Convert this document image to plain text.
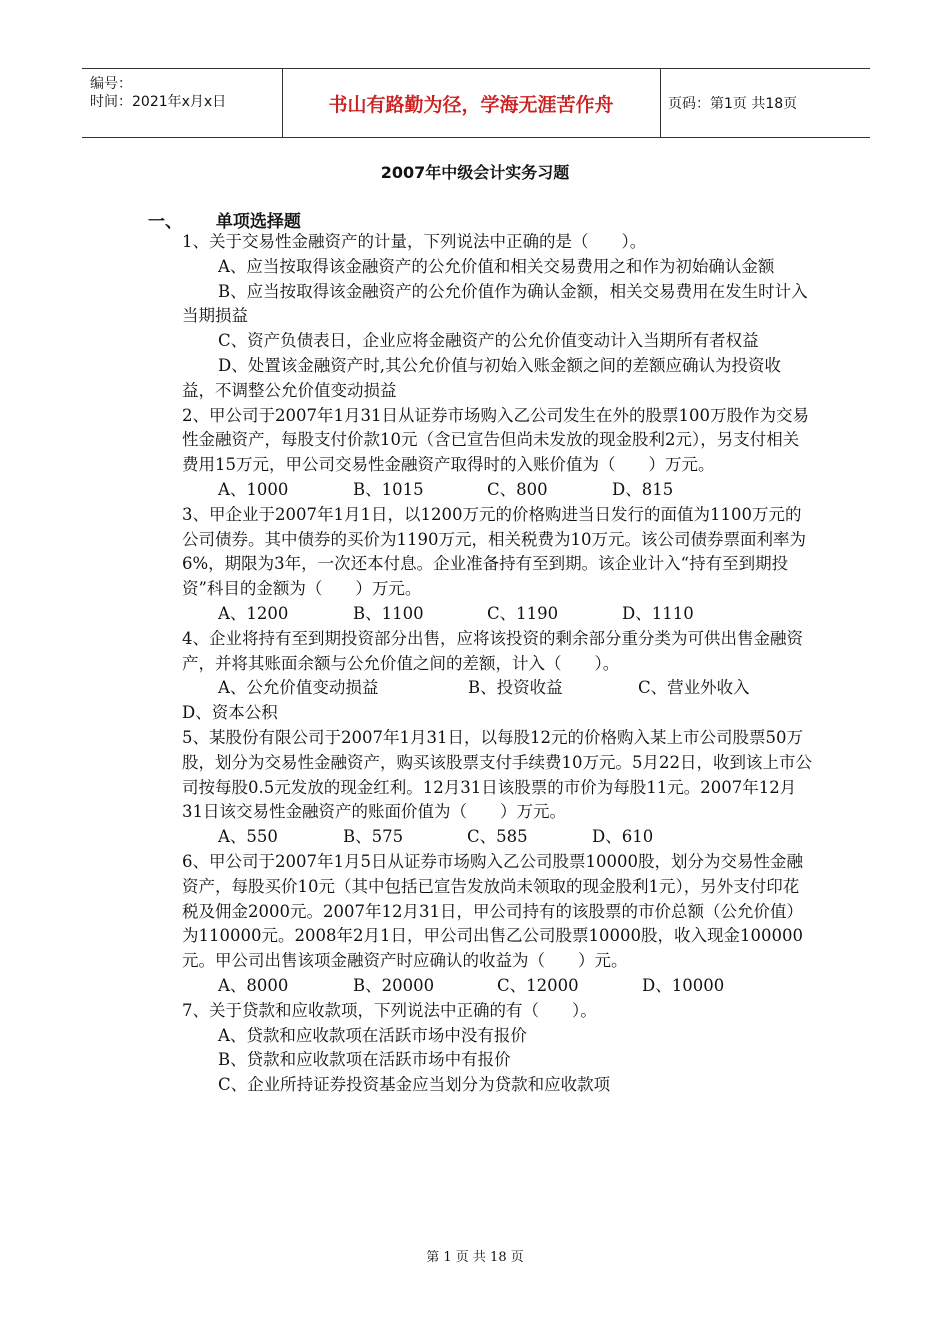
编号：
时间：2021年x月x日	书山有路勤为径，学海无涯苦作舟	页码：第1页 共18页
2007年中级会计实务习题
一、 单项选择题

1、关于交易性金融资产的计量，下列说法中正确的是（　　）。

A、应当按取得该金融资产的公允价值和相关交易费用之和作为初始确认金额

B、应当按取得该金融资产的公允价值作为确认金额，相关交易费用在发生时计入当期损益

C、资产负债表日，企业应将金融资产的公允价值变动计入当期所有者权益

D、处置该金融资产时,其公允价值与初始入账金额之间的差额应确认为投资收益，不调整公允价值变动损益

2、甲公司于2007年1月31日从证券市场购入乙公司发生在外的股票100万股作为交易性金融资产，每股支付价款10元（含已宣告但尚未发放的现金股利2元），另支付相关费用15万元，甲公司交易性金融资产取得时的入账价值为（　　）万元。

A、1000	B、1015	C、800	D、815

3、甲企业于2007年1月1日，以1200万元的价格购进当日发行的面值为1100万元的公司债券。其中债券的买价为1190万元，相关税费为10万元。该公司债券票面利率为6%，期限为3年，一次还本付息。企业准备持有至到期。该企业计入“持有至到期投资”科目的金额为（　　）万元。

A、1200	B、1100	C、1190	D、1110

4、企业将持有至到期投资部分出售，应将该投资的剩余部分重分类为可供出售金融资产，并将其账面余额与公允价值之间的差额，计入（　　）。

A、公允价值变动损益	B、投资收益	C、营业外收入

D、资本公积

5、某股份有限公司于2007年1月31日，以每股12元的价格购入某上市公司股票50万股，划分为交易性金融资产，购买该股票支付手续费10万元。5月22日，收到该上市公司按每股0.5元发放的现金红利。12月31日该股票的市价为每股11元。2007年12月31日该交易性金融资产的账面价值为（　　）万元。

A、550	B、575	C、585	D、610

6、甲公司于2007年1月5日从证券市场购入乙公司股票10000股，划分为交易性金融资产，每股买价10元（其中包括已宣告发放尚未领取的现金股利1元），另外支付印花税及佣金2000元。2007年12月31日，甲公司持有的该股票的市价总额（公允价值）为110000元。2008年2月1日，甲公司出售乙公司股票10000股，收入现金100000元。甲公司出售该项金融资产时应确认的收益为（　　）元。

A、8000	B、20000	C、12000	D、10000

7、关于贷款和应收款项，下列说法中正确的有（　　）。

A、贷款和应收款项在活跃市场中没有报价

B、贷款和应收款项在活跃市场中有报价

C、企业所持证券投资基金应当划分为贷款和应收款项

第 1 页 共 18 页
